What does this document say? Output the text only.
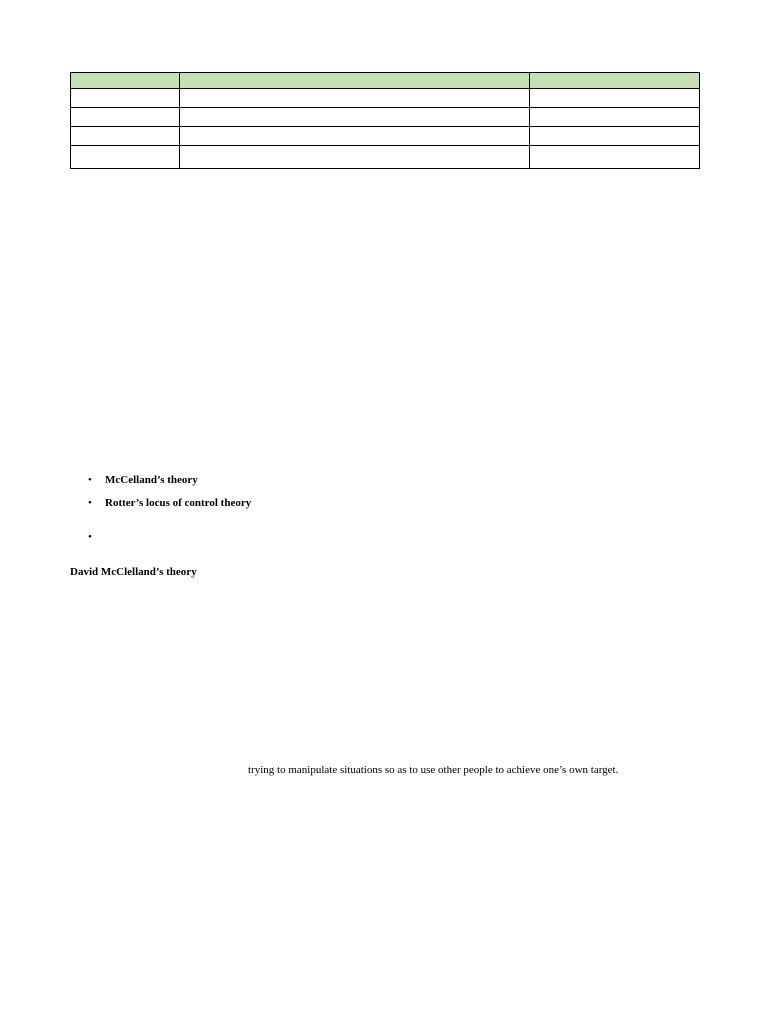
• McCelland’s theory
• Rotter’s locus of control theory
•
David McClelland’s theory
trying to manipulate situations so as to use other people to achieve one’s own target.
